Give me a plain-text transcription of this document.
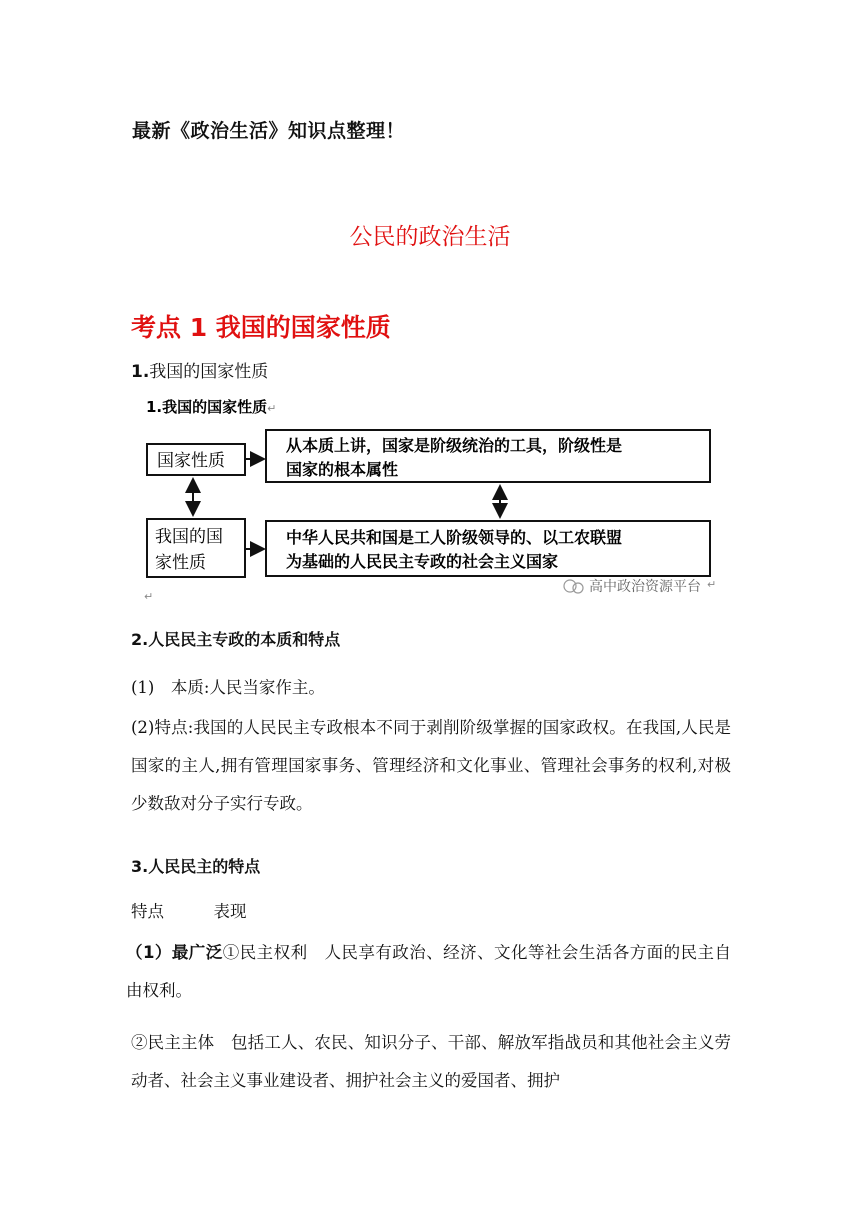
最新《政治生活》知识点整理！
公民的政治生活
考点 1 我国的国家性质
1.我国的国家性质
1.我国的国家性质↵
国家性质
从本质上讲，国家是阶级统治的工具，阶级性是
国家的根本属性
我国的国
家性质
中华人民共和国是工人阶级领导的、以工农联盟
为基础的人民民主专政的社会主义国家
高中政治资源平台 ↵
↵
2.人民民主专政的本质和特点
(1)　本质:人民当家作主。
(2)特点:我国的人民民主专政根本不同于剥削阶级掌握的国家政权。在我国,人民是国家的主人,拥有管理国家事务、管理经济和文化事业、管理社会事务的权利,对极少数敌对分子实行专政。
3.人民民主的特点
特点　　　表现
（1）最广泛①民主权利　人民享有政治、经济、文化等社会生活各方面的民主自由权利。
②民主主体　包括工人、农民、知识分子、干部、解放军指战员和其他社会主义劳动者、社会主义事业建设者、拥护社会主义的爱国者、拥护
